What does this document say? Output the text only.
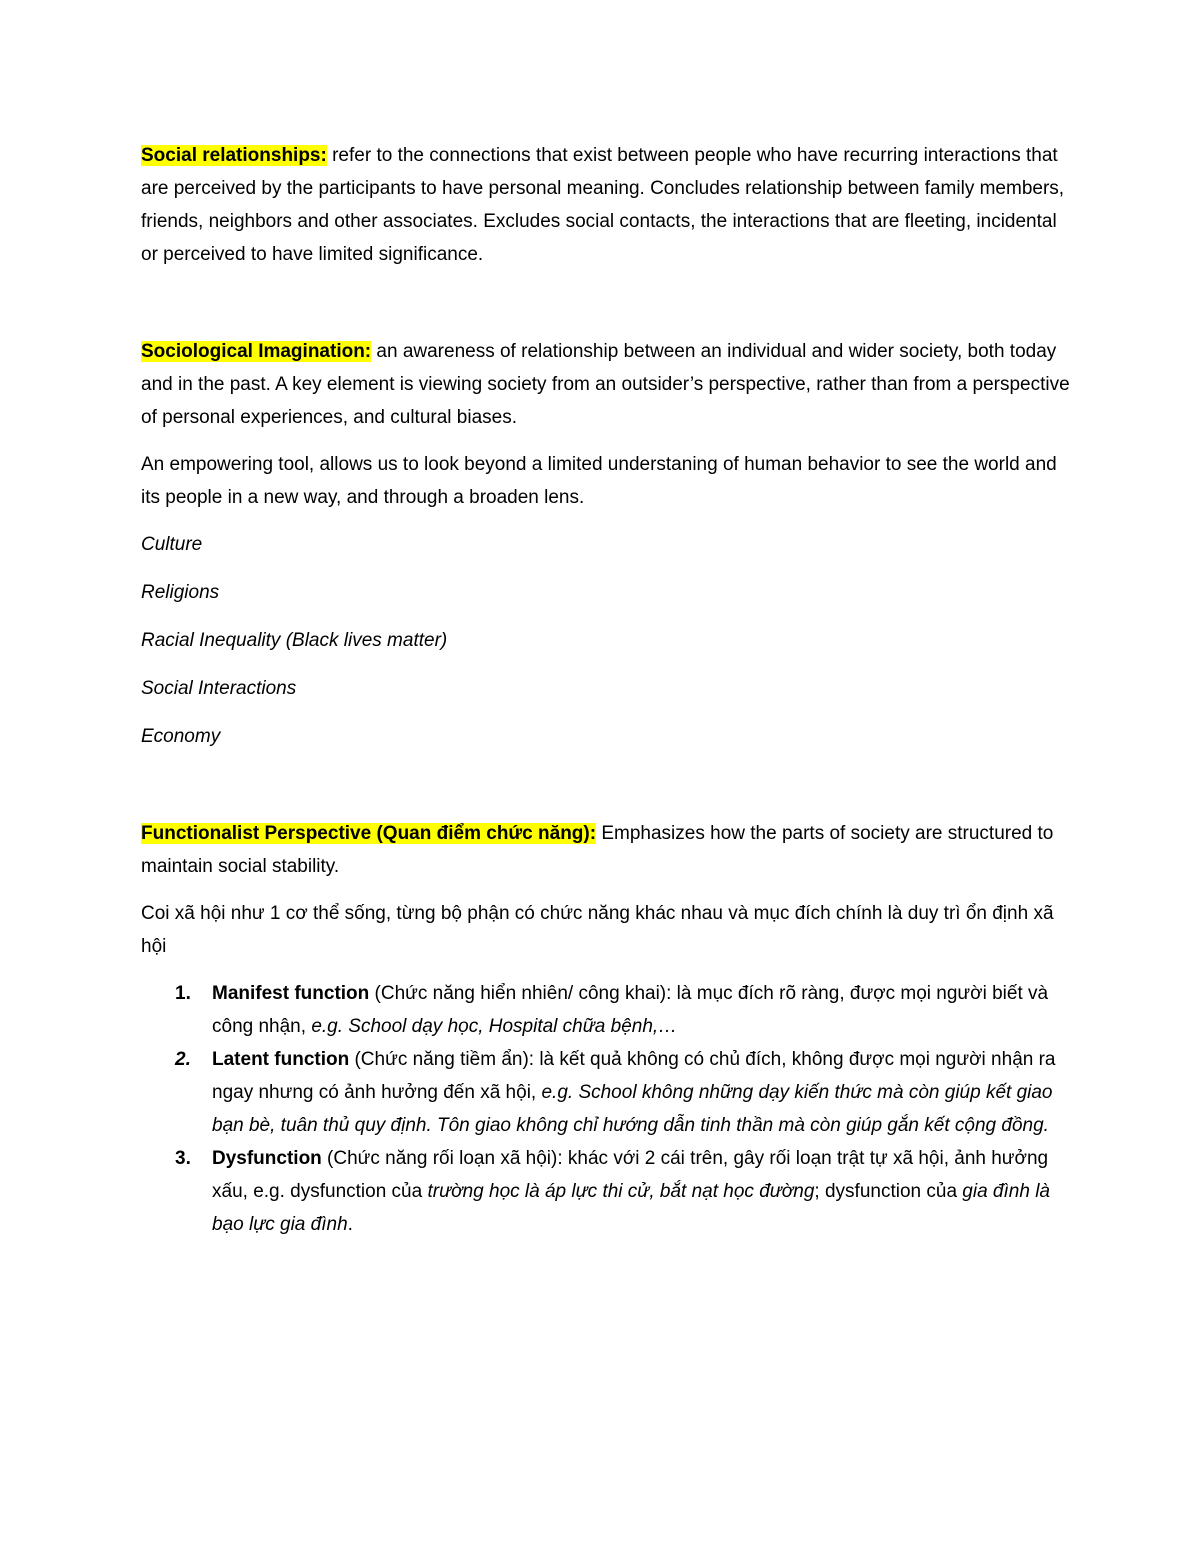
Social relationships: refer to the connections that exist between people who have recurring interactions that are perceived by the participants to have personal meaning. Concludes relationship between family members, friends, neighbors and other associates. Excludes social contacts, the interactions that are fleeting, incidental or perceived to have limited significance.

Sociological Imagination: an awareness of relationship between an individual and wider society, both today and in the past. A key element is viewing society from an outsider’s perspective, rather than from a perspective of personal experiences, and cultural biases.

An empowering tool, allows us to look beyond a limited understaning of human behavior to see the world and its people in a new way, and through a broaden lens.

Culture

Religions

Racial Inequality (Black lives matter)

Social Interactions

Economy

Functionalist Perspective (Quan điểm chức năng): Emphasizes how the parts of society are structured to maintain social stability.

Coi xã hội như 1 cơ thể sống, từng bộ phận có chức năng khác nhau và mục đích chính là duy trì ổn định xã hội

1. Manifest function (Chức năng hiển nhiên/ công khai): là mục đích rõ ràng, được mọi người biết và công nhận, e.g. School dạy học, Hospital chữa bệnh,…
2. Latent function (Chức năng tiềm ẩn): là kết quả không có chủ đích, không được mọi người nhận ra ngay nhưng có ảnh hưởng đến xã hội, e.g. School không những dạy kiến thức mà còn giúp kết giao bạn bè, tuân thủ quy định. Tôn giao không chỉ hướng dẫn tinh thần mà còn giúp gắn kết cộng đồng.
3. Dysfunction (Chức năng rối loạn xã hội): khác với 2 cái trên, gây rối loạn trật tự xã hội, ảnh hưởng xấu, e.g. dysfunction của trường học là áp lực thi cử, bắt nạt học đường; dysfunction của gia đình là bạo lực gia đình.
